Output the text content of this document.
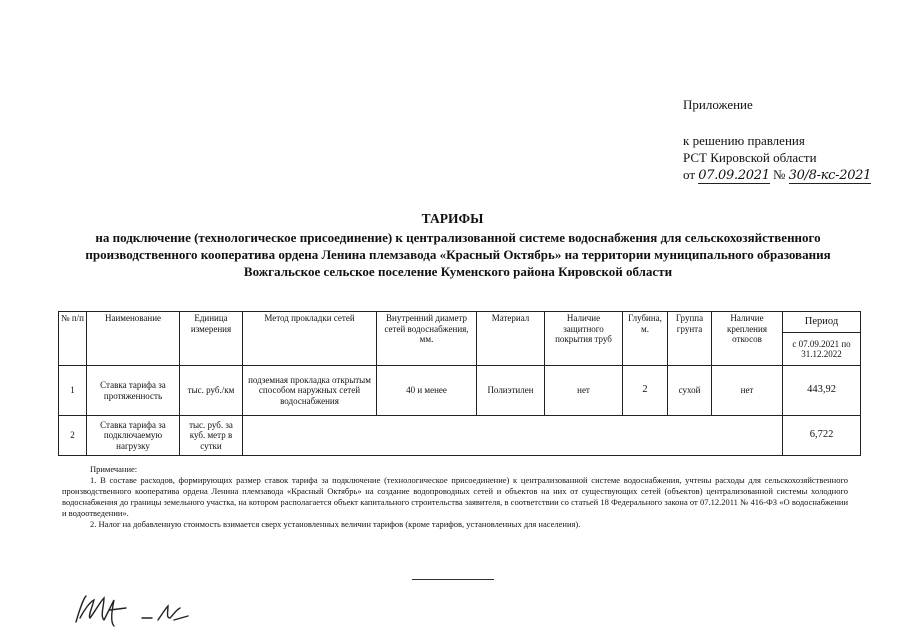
Приложение
к решению правления
РСТ Кировской области
от 07.09.2021 № 30/8-кс-2021
ТАРИФЫ
на подключение (технологическое присоединение) к централизованной системе водоснабжения для сельскохозяйственного производственного кооператива ордена Ленина племзавода «Красный Октябрь» на территории муниципального образования Вожгальское сельское поселение Куменского района Кировской области
№ п/п	Наименование	Единица измерения	Метод прокладки сетей	Внутренний диаметр сетей водоснабжения, мм.	Материал	Наличие защитного покрытия труб	Глубина, м.	Группа грунта	Наличие крепления откосов	Период
										с 07.09.2021 по 31.12.2022
1	Ставка тарифа за протяженность	тыс. руб./км	подземная прокладка открытым способом наружных сетей водоснабжения	40 и менее	Полиэтилен	нет	2	сухой	нет	443,92
2	Ставка тарифа за подключаемую нагрузку	тыс. руб. за куб. метр в сутки								6,722

Примечание:

1. В составе расходов, формирующих размер ставок тарифа за подключение (технологическое присоединение) к централизованной системе водоснабжения, учтены расходы для сельскохозяйственного производственного кооператива ордена Ленина племзавода «Красный Октябрь» на создание водопроводных сетей и объектов на них от существующих сетей (объектов) централизованной системы холодного водоснабжения до границы земельного участка, на котором располагается объект капитального строительства заявителя, в соответствии со статьей 18 Федерального закона от 07.12.2011 № 416-ФЗ «О водоснабжении и водоотведении».

2. Налог на добавленную стоимость взимается сверх установленных величин тарифов (кроме тарифов, установленных для населения).
